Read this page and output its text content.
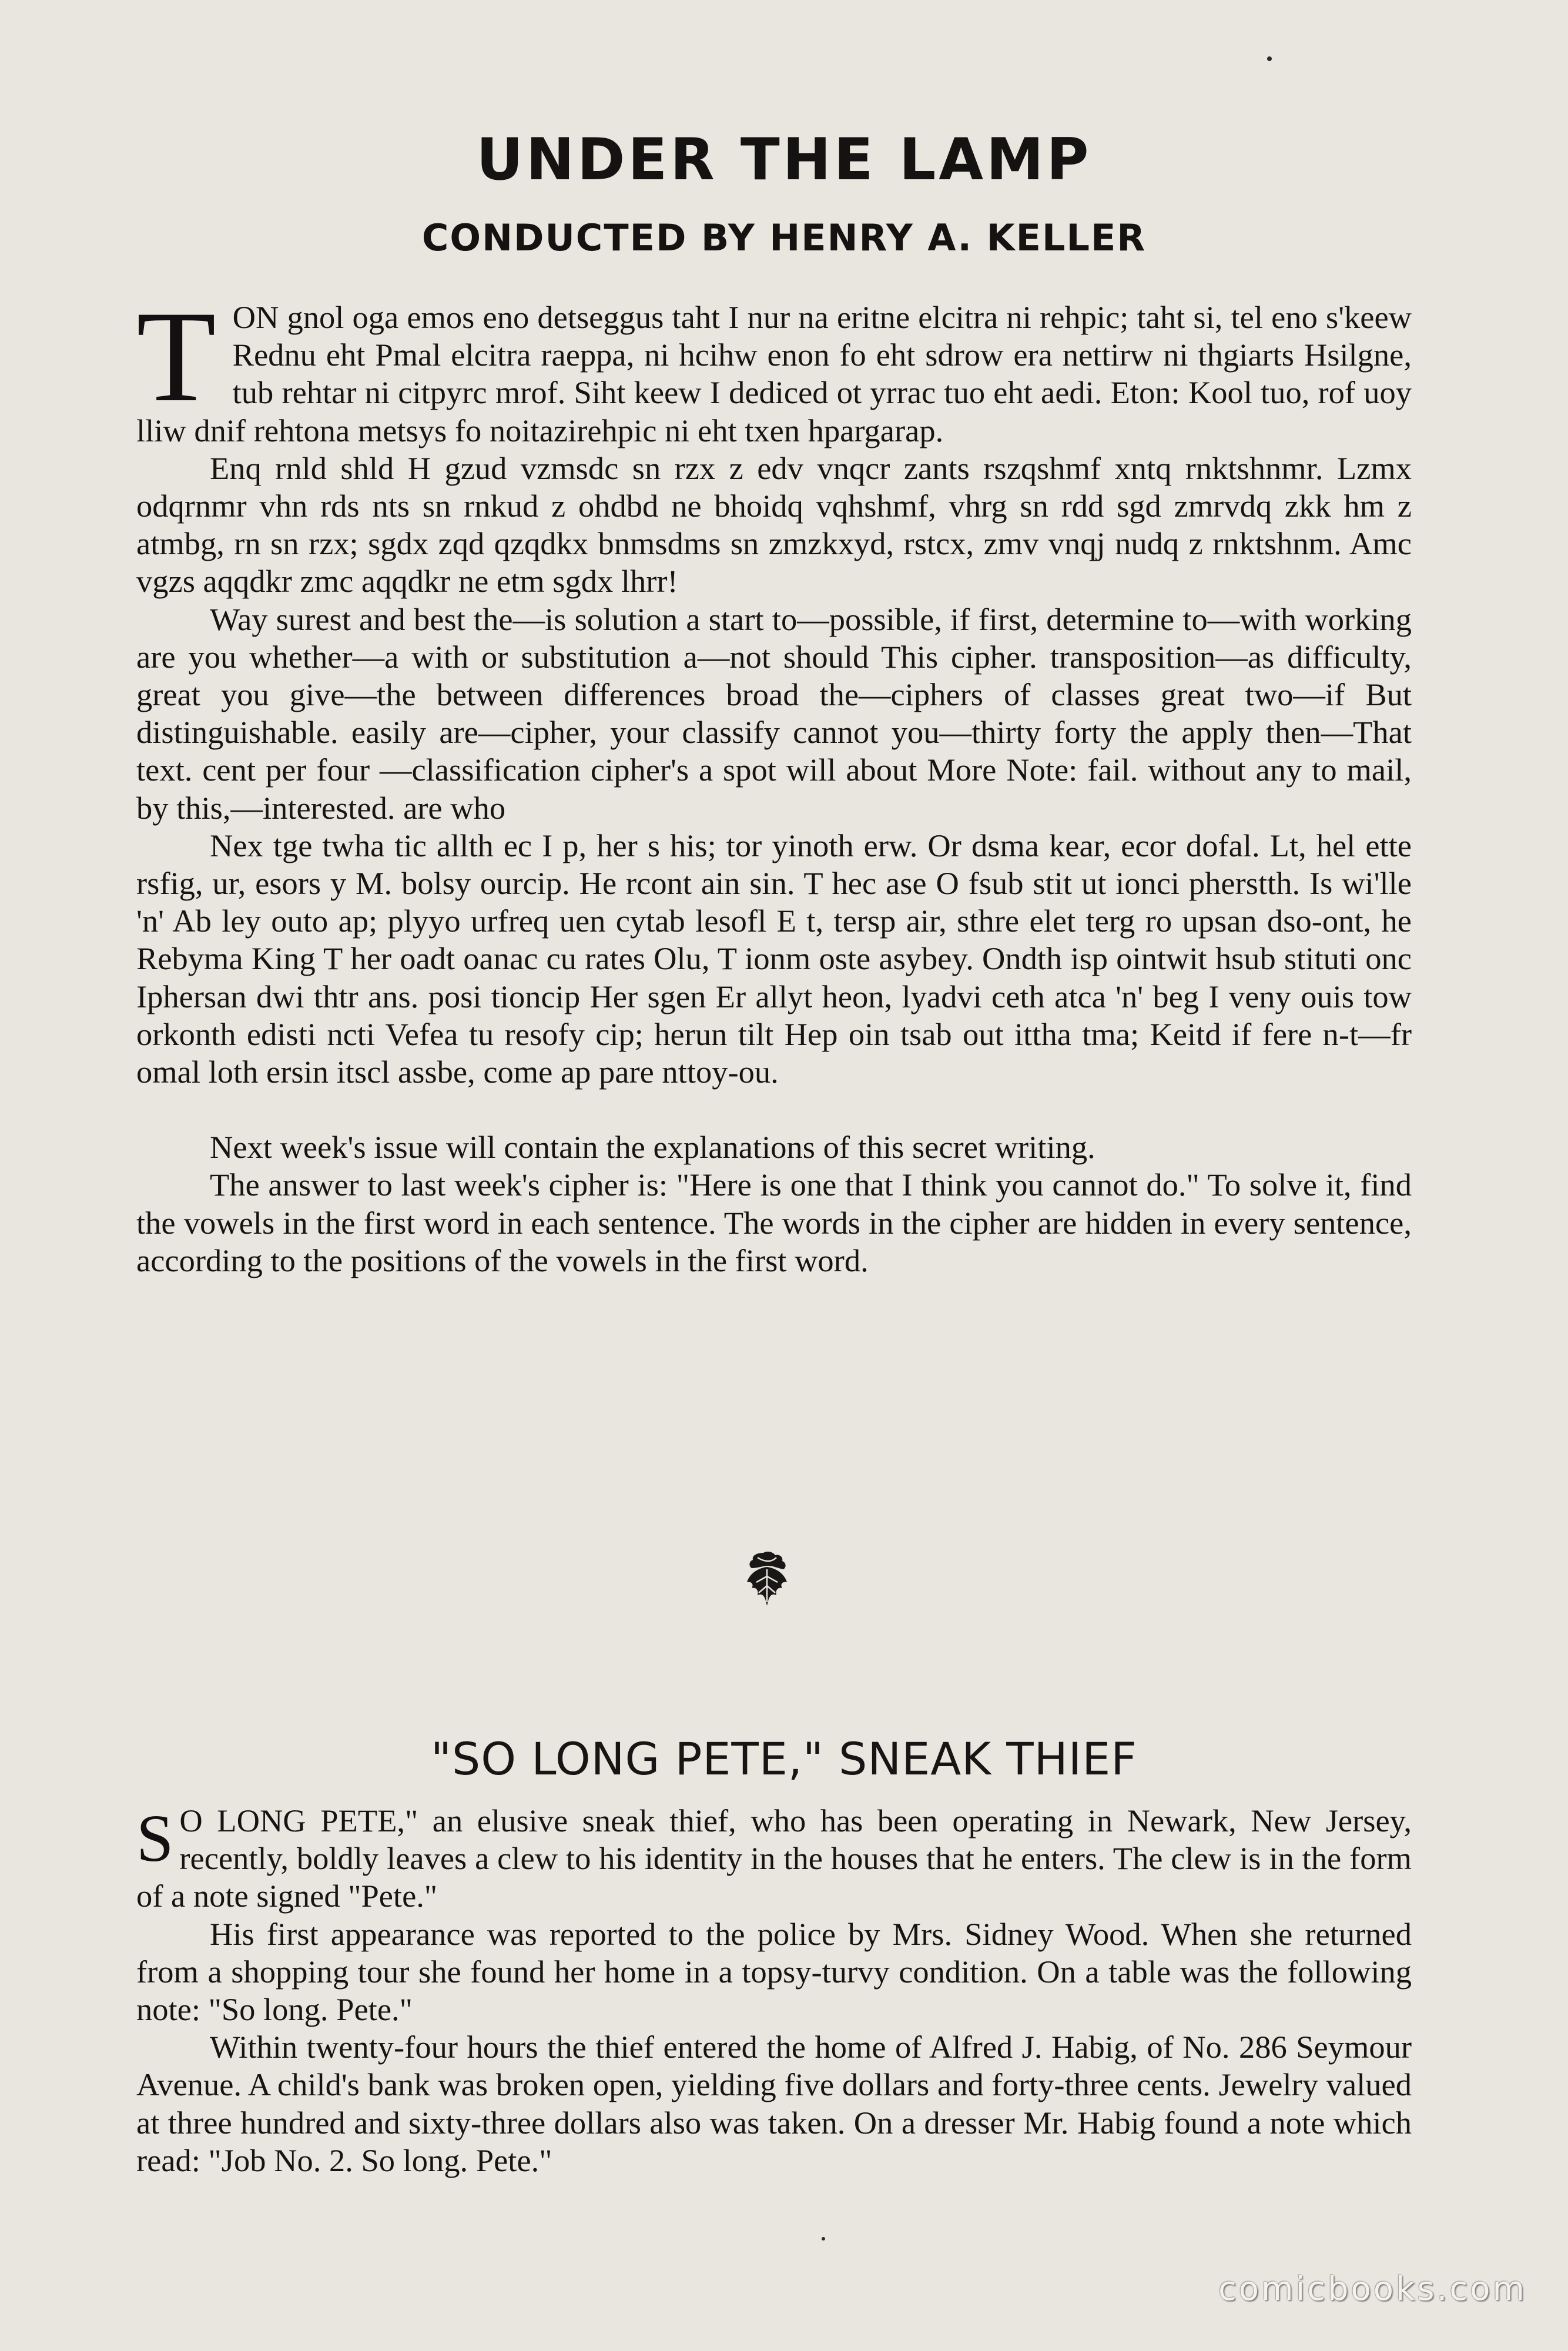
UNDER THE LAMP
CONDUCTED BY HENRY A. KELLER

TON gnol oga emos eno detseggus taht I nur na eritne elcitra ni rehpic; taht si, tel eno s'keew Rednu eht Pmal elcitra raeppa, ni hcihw enon fo eht sdrow era nettirw ni thgiarts Hsilgne, tub rehtar ni citpyrc mrof. Siht keew I dediced ot yrrac tuo eht aedi. Eton: Kool tuo, rof uoy lliw dnif rehtona metsys fo noitazirehpic ni eht txen hpargarap.

Enq rnld shld H gzud vzmsdc sn rzx z edv vnqcr zants rszqshmf xntq rnktshnmr. Lzmx odqrnmr vhn rds nts sn rnkud z ohdbd ne bhoidq vqhshmf, vhrg sn rdd sgd zmrvdq zkk hm z atmbg, rn sn rzx; sgdx zqd qzqdkx bnmsdms sn zmzkxyd, rstcx, zmv vnqj nudq z rnktshnm. Amc vgzs aqqdkr zmc aqqdkr ne etm sgdx lhrr!

Way surest and best the—is solution a start to—possible, if first, determine to—with working are you whether—a with or substitution a—not should This cipher. transposition—as difficulty, great you give—the between differences broad the—ciphers of classes great two—if But distinguishable. easily are—cipher, your classify cannot you—thirty forty the apply then—That text. cent per four —classification cipher's a spot will about More Note: fail. without any to mail, by this,—interested. are who

Nex tge twha tic allth ec I p, her s his; tor yinoth erw. Or dsma kear, ecor dofal. Lt, hel ette rsfig, ur, esors y M. bolsy ourcip. He rcont ain sin. T hec ase O fsub stit ut ionci pherstth. Is wi'lle 'n' Ab ley outo ap; plyyo urfreq uen cytab lesofl E t, tersp air, sthre elet terg ro upsan dso-ont, he Rebyma King T her oadt oanac cu rates Olu, T ionm oste asybey. Ondth isp ointwit hsub stituti onc Iphersan dwi thtr ans. posi tioncip Her sgen Er allyt heon, lyadvi ceth atca 'n' beg I veny ouis tow orkonth edisti ncti Vefea tu resofy cip; herun tilt Hep oin tsab out ittha tma; Keitd if fere n-t—fr omal loth ersin itscl assbe, come ap pare nttoy-ou.

Next week's issue will contain the explanations of this secret writing.

The answer to last week's cipher is: "Here is one that I think you cannot do." To solve it, find the vowels in the first word in each sentence. The words in the cipher are hidden in every sentence, according to the positions of the vowels in the first word.

"SO LONG PETE," SNEAK THIEF

S O LONG PETE," an elusive sneak thief, who has been operating in Newark, New Jersey, recently, boldly leaves a clew to his identity in the houses that he enters. The clew is in the form of a note signed "Pete."

His first appearance was reported to the police by Mrs. Sidney Wood. When she returned from a shopping tour she found her home in a topsy-turvy condition. On a table was the following note: "So long. Pete."

Within twenty-four hours the thief entered the home of Alfred J. Habig, of No. 286 Seymour Avenue. A child's bank was broken open, yielding five dollars and forty-three cents. Jewelry valued at three hundred and sixty-three dollars also was taken. On a dresser Mr. Habig found a note which read: "Job No. 2. So long. Pete."

comicbooks.com
